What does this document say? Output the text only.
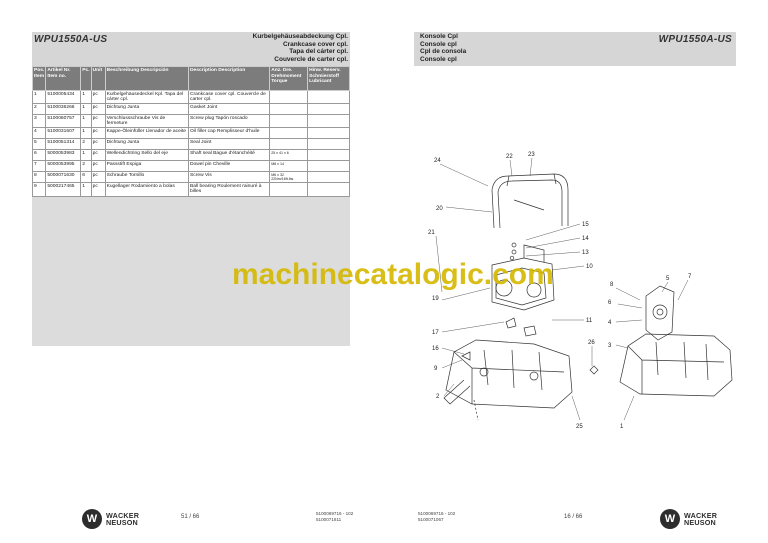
WPU1550A-US	Kurbelgehäuseabdeckung Cpl.
Crankcase cover cpl.
Tapa del cárter cpl.
Couvercle de carter cpl.
Pos. Item	Artikel Nr. Item no.	Pc.	Unit	Beschreibung Descripción	Description Description	Anz. Dre. Drehmoment Torque	Hinw. Reserv. Schmierstoff Lubricant
1	5100005434	1	pc	Kurbelgehäusedeckel Kpl. Tapa del cárter cpl.	Crankcase cover cpl. Couvercle de carter cpl.		
2	5100036266	1	pc	Dichtung Junta	Gasket Joint		
3	5100060757	1	pc	Verschlussschraube Vis de fermeture	Screw plug Tapón roscado		
4	5100031607	1	pc	Kappe-Öleinfüller Llenador de aceite	Oil filler cap Remplisseur d'huile		
5	5100051314	2	pc	Dichtung Junta	Seal Joint		
6	5000053983	1	pc	Wellendichtring Sello del eje	Shaft seal Bague d'étanchéité	25 x 41 x 6	
7	5000053995	2	pc	Passstift Espiga	Dowel pin Cheville	M8 x 14	
8	5000071630	6	pc	Schraube Tornillo	Screw Vis	M6 x 32 22Nm/16ft.lbs	
9	5000217465	1	pc	Kugellager Rodamiento a bolas	Ball bearing Roulement rainuré à billes		
W	WACKER
NEUSON
51 / 66
5100069716 - 102
5100071611
Konsole Cpl
Console cpl
Cpl de consola
Console cpl
WPU1550A-US
24
22	23
20
15
14
21
13
10
19
17
16
9
2
11
26
25
8
5	7
6
4
3
1
5100069716 - 102
5100071067	16 / 66	W	WACKER
NEUSON
machinecatalogic.com
